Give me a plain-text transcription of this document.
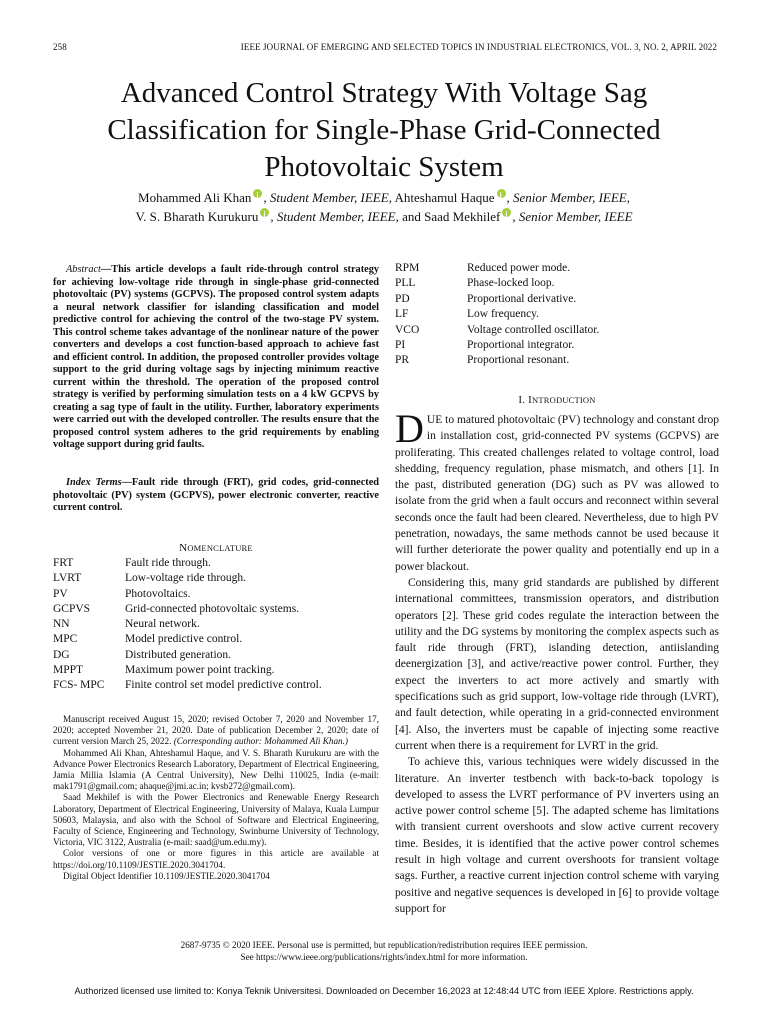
258	IEEE JOURNAL OF EMERGING AND SELECTED TOPICS IN INDUSTRIAL ELECTRONICS, VOL. 3, NO. 2, APRIL 2022
Advanced Control Strategy With Voltage Sag Classification for Single-Phase Grid-Connected Photovoltaic System
Mohammed Ali Khan i , Student Member, IEEE, Ahteshamul Haque i , Senior Member, IEEE,
V. S. Bharath Kurukuru i , Student Member, IEEE, and Saad Mekhilef i , Senior Member, IEEE
Abstract—This article develops a fault ride-through control strategy for achieving low-voltage ride through in single-phase grid-connected photovoltaic (PV) systems (GCPVS). The proposed control system adapts a neural network classifier for islanding classification and model predictive control for achieving the control of the two-stage PV system. This control scheme takes advantage of the nonlinear nature of the power converters and develops a cost function-based approach to achieve fast and efficient control. In addition, the proposed controller provides voltage support to the grid during voltage sags by injecting minimum reactive current within the threshold. The operation of the proposed control strategy is verified by performing simulation tests on a 4 kW GCPVS by creating a sag type of fault in the utility. Further, laboratory experiments were carried out with the developed controller. The results ensure that the proposed control system adheres to the grid requirements by enabling voltage support during grid faults.
Index Terms—Fault ride through (FRT), grid codes, grid-connected photovoltaic (PV) system (GCPVS), power electronic converter, reactive current control.
NOMENCLATURE
FRT	Fault ride through.
LVRT	Low-voltage ride through.
PV	Photovoltaics.
GCPVS	Grid-connected photovoltaic systems.
NN	Neural network.
MPC	Model predictive control.
DG	Distributed generation.
MPPT	Maximum power point tracking.
FCS- MPC	Finite control set model predictive control.
RPM	Reduced power mode.
PLL	Phase-locked loop.
PD	Proportional derivative.
LF	Low frequency.
VCO	Voltage controlled oscillator.
PI	Proportional integrator.
PR	Proportional resonant.

Manuscript received August 15, 2020; revised October 7, 2020 and November 17, 2020; accepted November 21, 2020. Date of publication December 2, 2020; date of current version March 25, 2022. (Corresponding author: Mohammed Ali Khan.)

Mohammed Ali Khan, Ahteshamul Haque, and V. S. Bharath Kurukuru are with the Advance Power Electronics Research Laboratory, Department of Electrical Engineering, Jamia Millia Islamia (A Central University), New Delhi 110025, India (e-mail: mak1791@gmail.com; ahaque@jmi.ac.in; kvsb272@gmail.com).

Saad Mekhilef is with the Power Electronics and Renewable Energy Research Laboratory, Department of Electrical Engineering, University of Malaya, Kuala Lumpur 50603, Malaysia, and also with the School of Software and Electrical Engineering, Faculty of Science, Engineering and Technology, Swinburne University of Technology, Victoria, VIC 3122, Australia (e-mail: saad@um.edu.my).

Color versions of one or more figures in this article are available at https://doi.org/10.1109/JESTIE.2020.3041704.

Digital Object Identifier 10.1109/JESTIE.2020.3041704

I. INTRODUCTION

DUE to matured photovoltaic (PV) technology and constant drop in installation cost, grid-connected PV systems (GCPVS) are proliferating. This created challenges related to voltage control, load shedding, frequency regulation, phase mismatch, and others [1]. In the past, distributed generation (DG) such as PV was allowed to isolate from the grid when a fault occurs and reconnect within several seconds once the fault had been cleared. Nevertheless, due to high PV penetration, nowadays, the same methods cannot be used because it will further deteriorate the power quality and potentially end up in a power blackout.

Considering this, many grid standards are published by different international committees, transmission operators, and distribution operators [2]. These grid codes regulate the interaction between the utility and the DG systems by monitoring the complex aspects such as fault ride through (FRT), islanding detection, antiislanding deenergization [3], and active/reactive power control. Further, they expect the inverters to act more actively and smartly with specifications such as grid support, low-voltage ride through (LVRT), and fault detection, while operating in a grid-connected environment [4]. Also, the inverters must be capable of injecting some reactive current when there is a requirement for LVRT in the grid.

To achieve this, various techniques were widely discussed in the literature. An inverter testbench with back-to-back topology is developed to assess the LVRT performance of PV inverters using an active power control scheme [5]. The adapted scheme has limitations with transient current overshoots and slow active current recovery time. Besides, it is identified that the active power control schemes result in high voltage and current overshoots for transient voltage sags. Further, a reactive current injection control scheme with varying positive and negative sequences is developed in [6] to provide voltage support for

2687-9735 © 2020 IEEE. Personal use is permitted, but republication/redistribution requires IEEE permission.
See https://www.ieee.org/publications/rights/index.html for more information.
Authorized licensed use limited to: Konya Teknik Universitesi. Downloaded on December 16,2023 at 12:48:44 UTC from IEEE Xplore. Restrictions apply.
